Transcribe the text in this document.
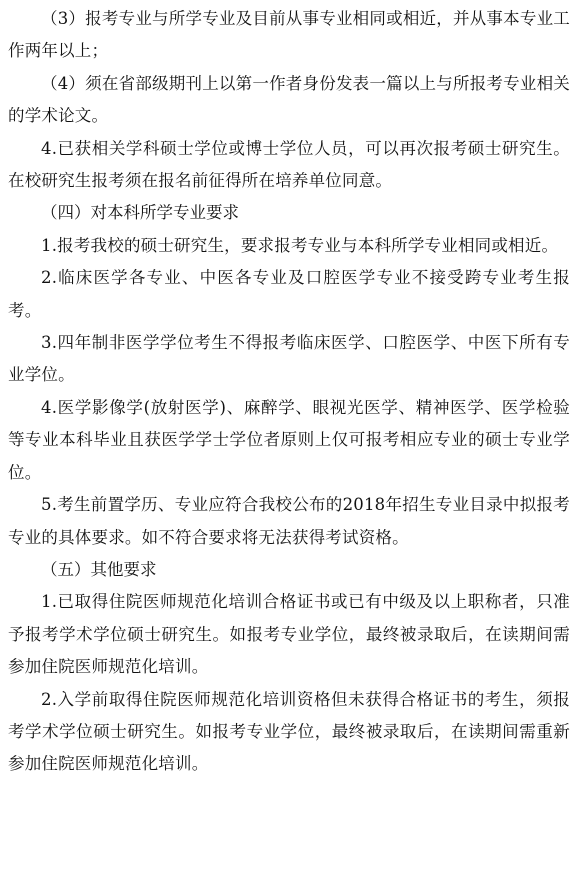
（3）报考专业与所学专业及目前从事专业相同或相近，并从事本专业工作两年以上；

（4）须在省部级期刊上以第一作者身份发表一篇以上与所报考专业相关的学术论文。

4.已获相关学科硕士学位或博士学位人员，可以再次报考硕士研究生。在校研究生报考须在报名前征得所在培养单位同意。

（四）对本科所学专业要求

1.报考我校的硕士研究生，要求报考专业与本科所学专业相同或相近。

2.临床医学各专业、中医各专业及口腔医学专业不接受跨专业考生报考。

3.四年制非医学学位考生不得报考临床医学、口腔医学、中医下所有专业学位。

4.医学影像学(放射医学)、麻醉学、眼视光医学、精神医学、医学检验等专业本科毕业且获医学学士学位者原则上仅可报考相应专业的硕士专业学位。

5.考生前置学历、专业应符合我校公布的2018年招生专业目录中拟报考专业的具体要求。如不符合要求将无法获得考试资格。

（五）其他要求

1.已取得住院医师规范化培训合格证书或已有中级及以上职称者，只准予报考学术学位硕士研究生。如报考专业学位，最终被录取后，在读期间需参加住院医师规范化培训。

2.入学前取得住院医师规范化培训资格但未获得合格证书的考生，须报考学术学位硕士研究生。如报考专业学位，最终被录取后，在读期间需重新参加住院医师规范化培训。
